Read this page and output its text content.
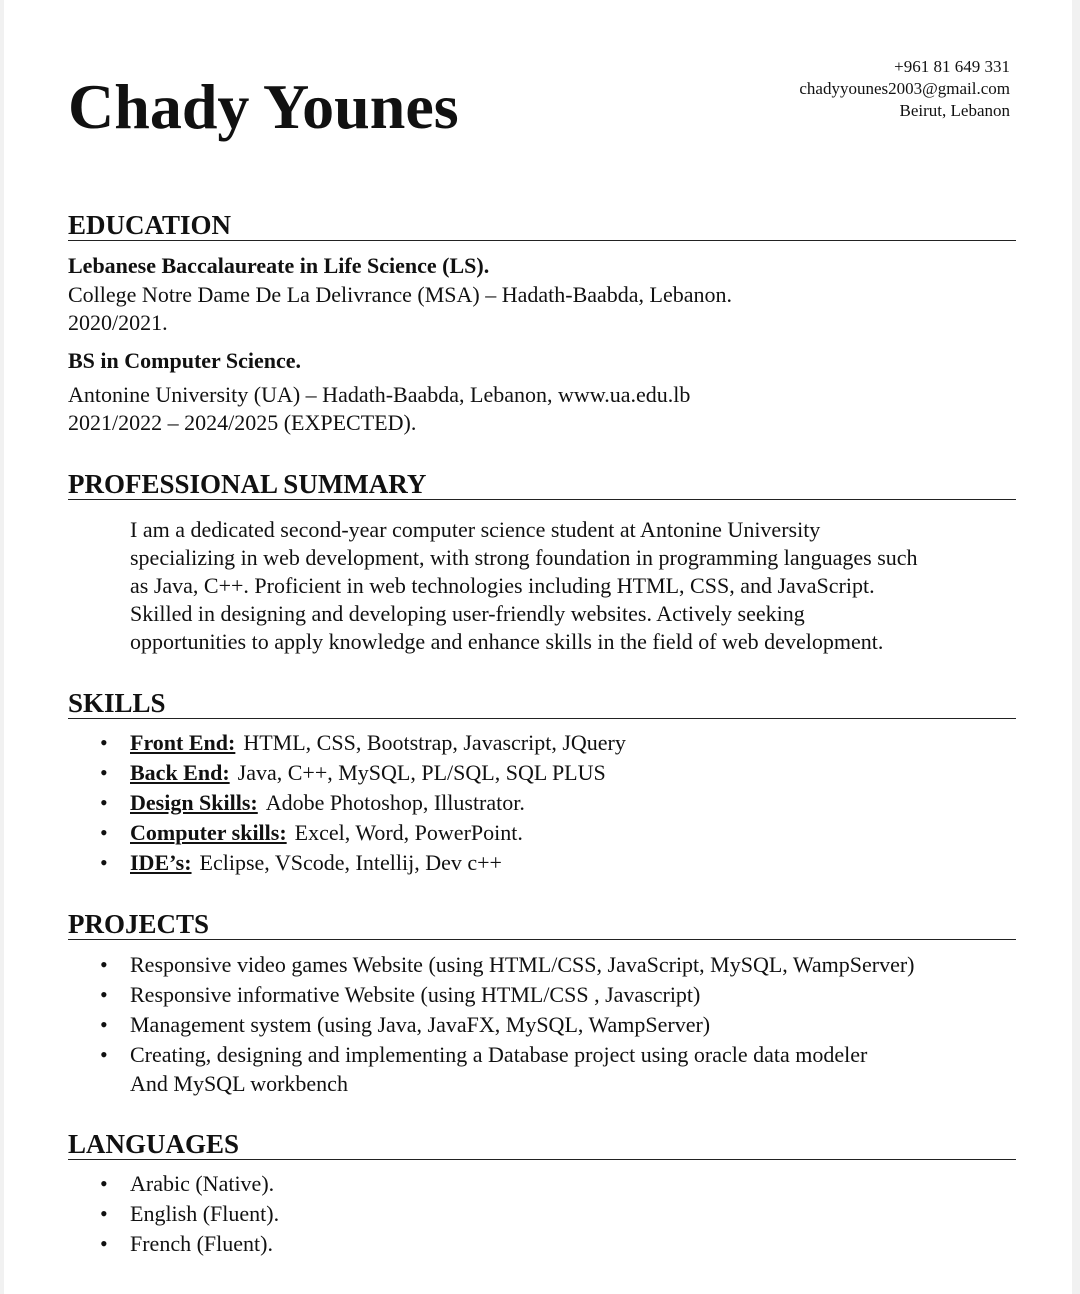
Chady Younes
+961 81 649 331
chadyyounes2003@gmail.com
Beirut, Lebanon
EDUCATION
Lebanese Baccalaureate in Life Science (LS).
College Notre Dame De La Delivrance (MSA) – Hadath-Baabda, Lebanon.
2020/2021.
BS in Computer Science.
Antonine University (UA) – Hadath-Baabda, Lebanon, www.ua.edu.lb
2021/2022 – 2024/2025 (EXPECTED).
PROFESSIONAL SUMMARY

I am a dedicated second-year computer science student at Antonine University

specializing in web development, with strong foundation in programming languages such

as Java, C++. Proficient in web technologies including HTML, CSS, and JavaScript.

Skilled in designing and developing user-friendly websites. Actively seeking

opportunities to apply knowledge and enhance skills in the field of web development.

SKILLS
• Front End: HTML, CSS, Bootstrap, Javascript, JQuery
• Back End: Java, C++, MySQL, PL/SQL, SQL PLUS
• Design Skills: Adobe Photoshop, Illustrator.
• Computer skills: Excel, Word, PowerPoint.
• IDE’s: Eclipse, VScode, Intellij, Dev c++
PROJECTS
• Responsive video games Website (using HTML/CSS, JavaScript, MySQL, WampServer)
• Responsive informative Website (using HTML/CSS , Javascript)
• Management system (using Java, JavaFX, MySQL, WampServer)
• Creating, designing and implementing a Database project using oracle data modeler
And MySQL workbench
LANGUAGES
• Arabic (Native).
• English (Fluent).
• French (Fluent).
